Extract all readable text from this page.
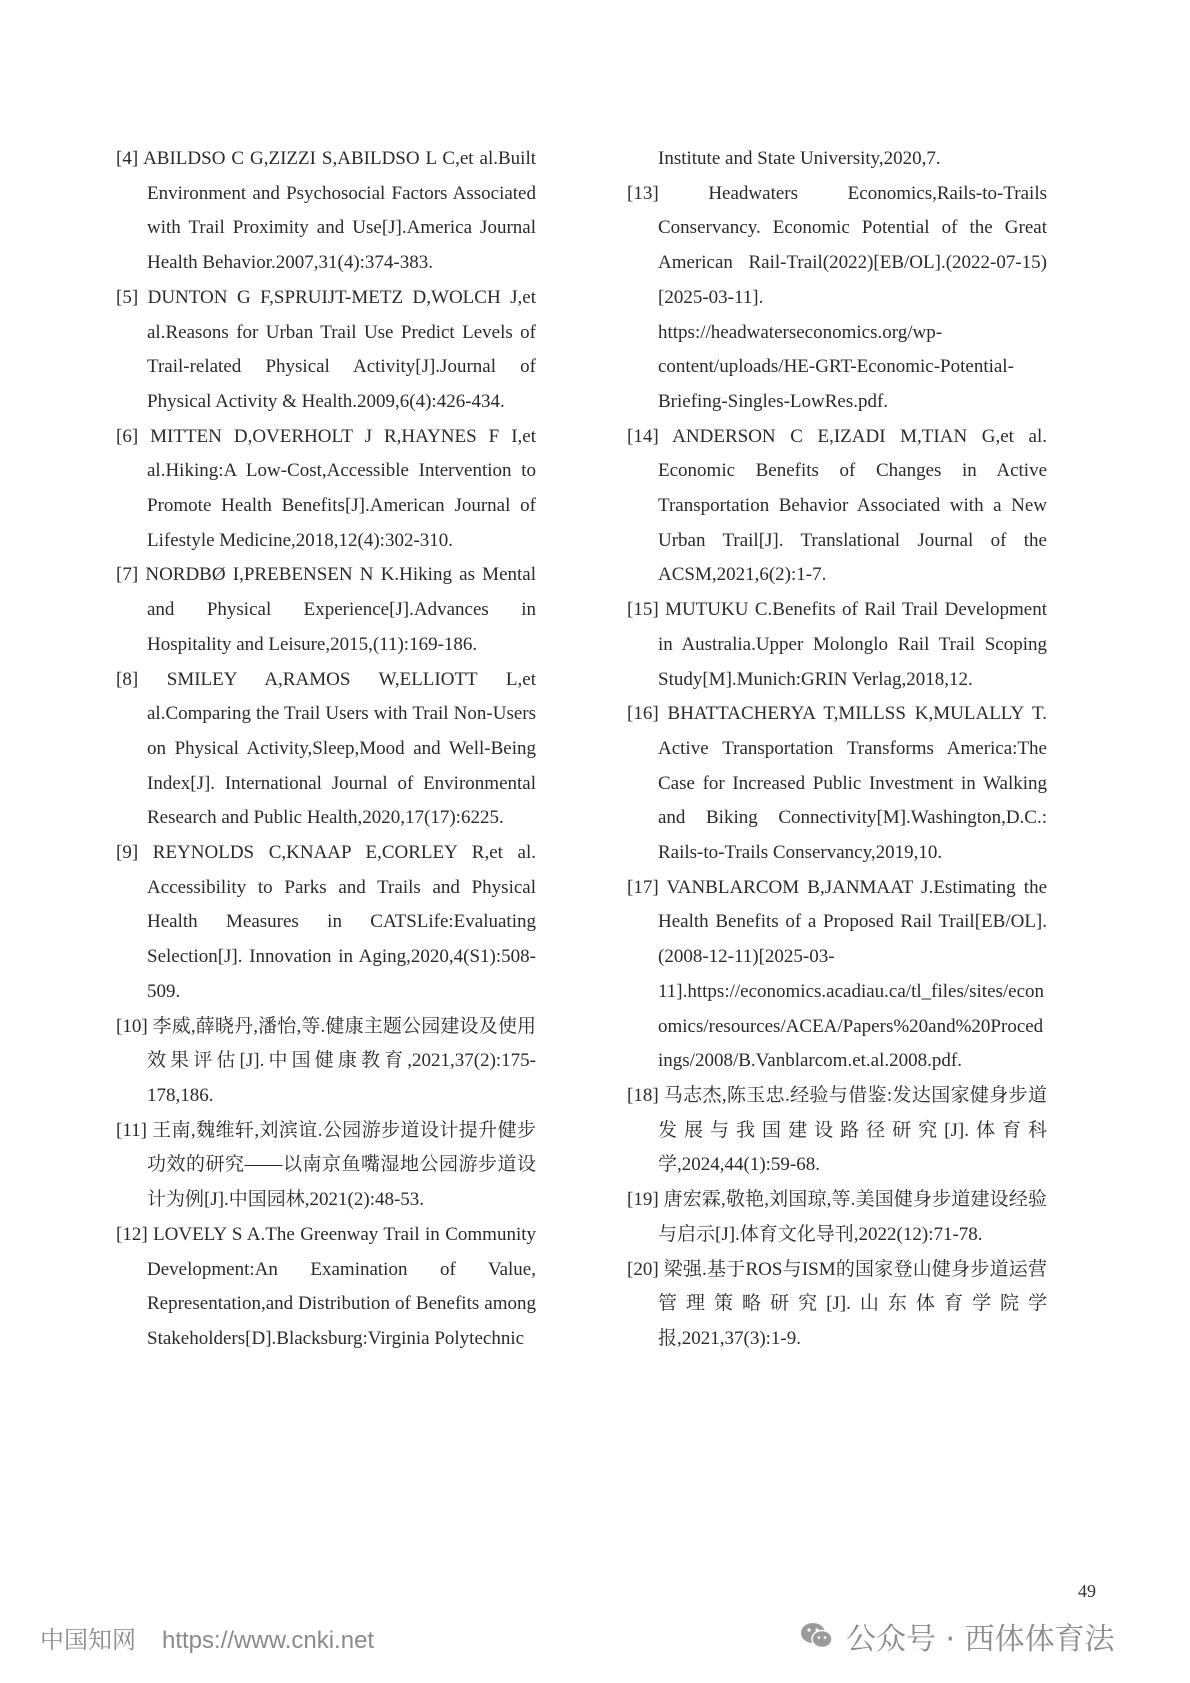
[4] ABILDSO C G,ZIZZI S,ABILDSO L C,et al.Built Environment and Psychosocial Factors Associated with Trail Proximity and Use[J].America Journal Health Behavior.2007,31(4):374-383.

[5] DUNTON G F,SPRUIJT-METZ D,WOLCH J,et al.Reasons for Urban Trail Use Predict Levels of Trail-related Physical Activity[J].Journal of Physical Activity & Health.2009,6(4):426-434.

[6] MITTEN D,OVERHOLT J R,HAYNES F I,et al.Hiking:A Low-Cost,Accessible Intervention to Promote Health Benefits[J].American Journal of Lifestyle Medicine,2018,12(4):302-310.

[7] NORDBØ I,PREBENSEN N K.Hiking as Mental and Physical Experience[J].Advances in Hospitality and Leisure,2015,(11):169-186.

[8] SMILEY A,RAMOS W,ELLIOTT L,et al.Comparing the Trail Users with Trail Non-Users on Physical Activity,Sleep,Mood and Well-Being Index[J]. International Journal of Environmental Research and Public Health,2020,17(17):6225.

[9] REYNOLDS C,KNAAP E,CORLEY R,et al. Accessibility to Parks and Trails and Physical Health Measures in CATSLife:Evaluating Selection[J]. Innovation in Aging,2020,4(S1):508-509.

[10] 李威,薛晓丹,潘怡,等.健康主题公园建设及使用效果评估[J].中国健康教育,2021,37(2):175-178,186.

[11] 王南,魏维轩,刘滨谊.公园游步道设计提升健步功效的研究——以南京鱼嘴湿地公园游步道设计为例[J].中国园林,2021(2):48-53.

[12] LOVELY S A.The Greenway Trail in Community Development:An Examination of Value, Representation,and Distribution of Benefits among Stakeholders[D].Blacksburg:Virginia Polytechnic

Institute and State University,2020,7.

[13] Headwaters Economics,Rails-to-Trails Conservancy. Economic Potential of the Great American Rail-Trail(2022)[EB/OL].(2022-07-15)[2025-03-11]. https://headwaterseconomics.org/wp-content/uploads/HE-GRT-Economic-Potential-Briefing-Singles-LowRes.pdf.

[14] ANDERSON C E,IZADI M,TIAN G,et al. Economic Benefits of Changes in Active Transportation Behavior Associated with a New Urban Trail[J]. Translational Journal of the ACSM,2021,6(2):1-7.

[15] MUTUKU C.Benefits of Rail Trail Development in Australia.Upper Molonglo Rail Trail Scoping Study[M].Munich:GRIN Verlag,2018,12.

[16] BHATTACHERYA T,MILLSS K,MULALLY T. Active Transportation Transforms America:The Case for Increased Public Investment in Walking and Biking Connectivity[M].Washington,D.C.: Rails-to-Trails Conservancy,2019,10.

[17] VANBLARCOM B,JANMAAT J.Estimating the Health Benefits of a Proposed Rail Trail[EB/OL].(2008-12-11)[2025-03-11].https://economics.acadiau.ca/tl_files/sites/economics/resources/ACEA/Papers%20and%20Procedings/2008/B.Vanblarcom.et.al.2008.pdf.

[18] 马志杰,陈玉忠.经验与借鉴:发达国家健身步道发展与我国建设路径研究[J].体育科学,2024,44(1):59-68.

[19] 唐宏霖,敬艳,刘国琼,等.美国健身步道建设经验与启示[J].体育文化导刊,2022(12):71-78.

[20] 梁强.基于ROS与ISM的国家登山健身步道运营管理策略研究[J].山东体育学院学报,2021,37(3):1-9.

49
中国知网 https://www.cnki.net	公众号 · 西体体育法
